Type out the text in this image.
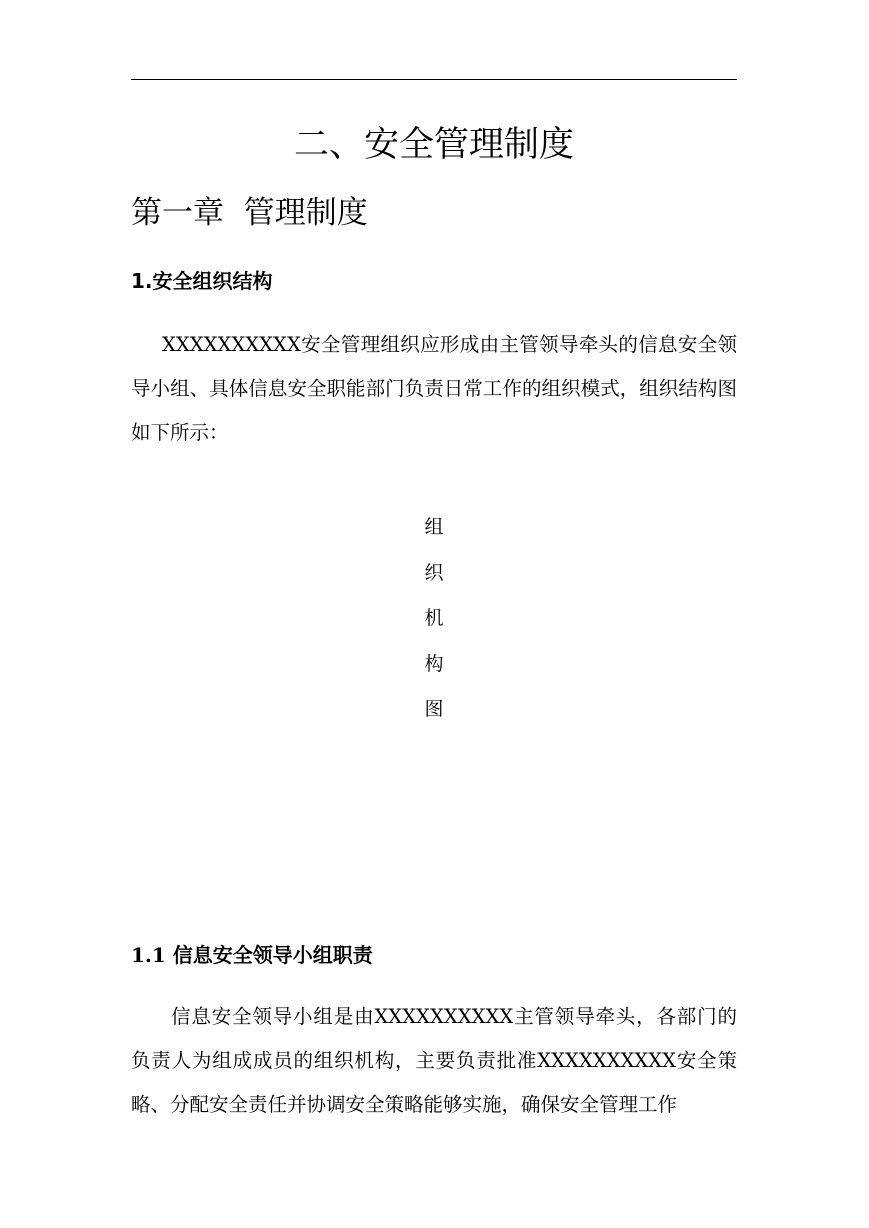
二、安全管理制度
第一章  管理制度
1.安全组织结构

XXXXXXXXXX安全管理组织应形成由主管领导牵头的信息安全领导小组、具体信息安全职能部门负责日常工作的组织模式，组织结构图如下所示：

组
织
机
构
图
1.1 信息安全领导小组职责

信息安全领导小组是由XXXXXXXXXX主管领导牵头，各部门的负责人为组成成员的组织机构，主要负责批准XXXXXXXXXX安全策略、分配安全责任并协调安全策略能够实施，确保安全管理工作
